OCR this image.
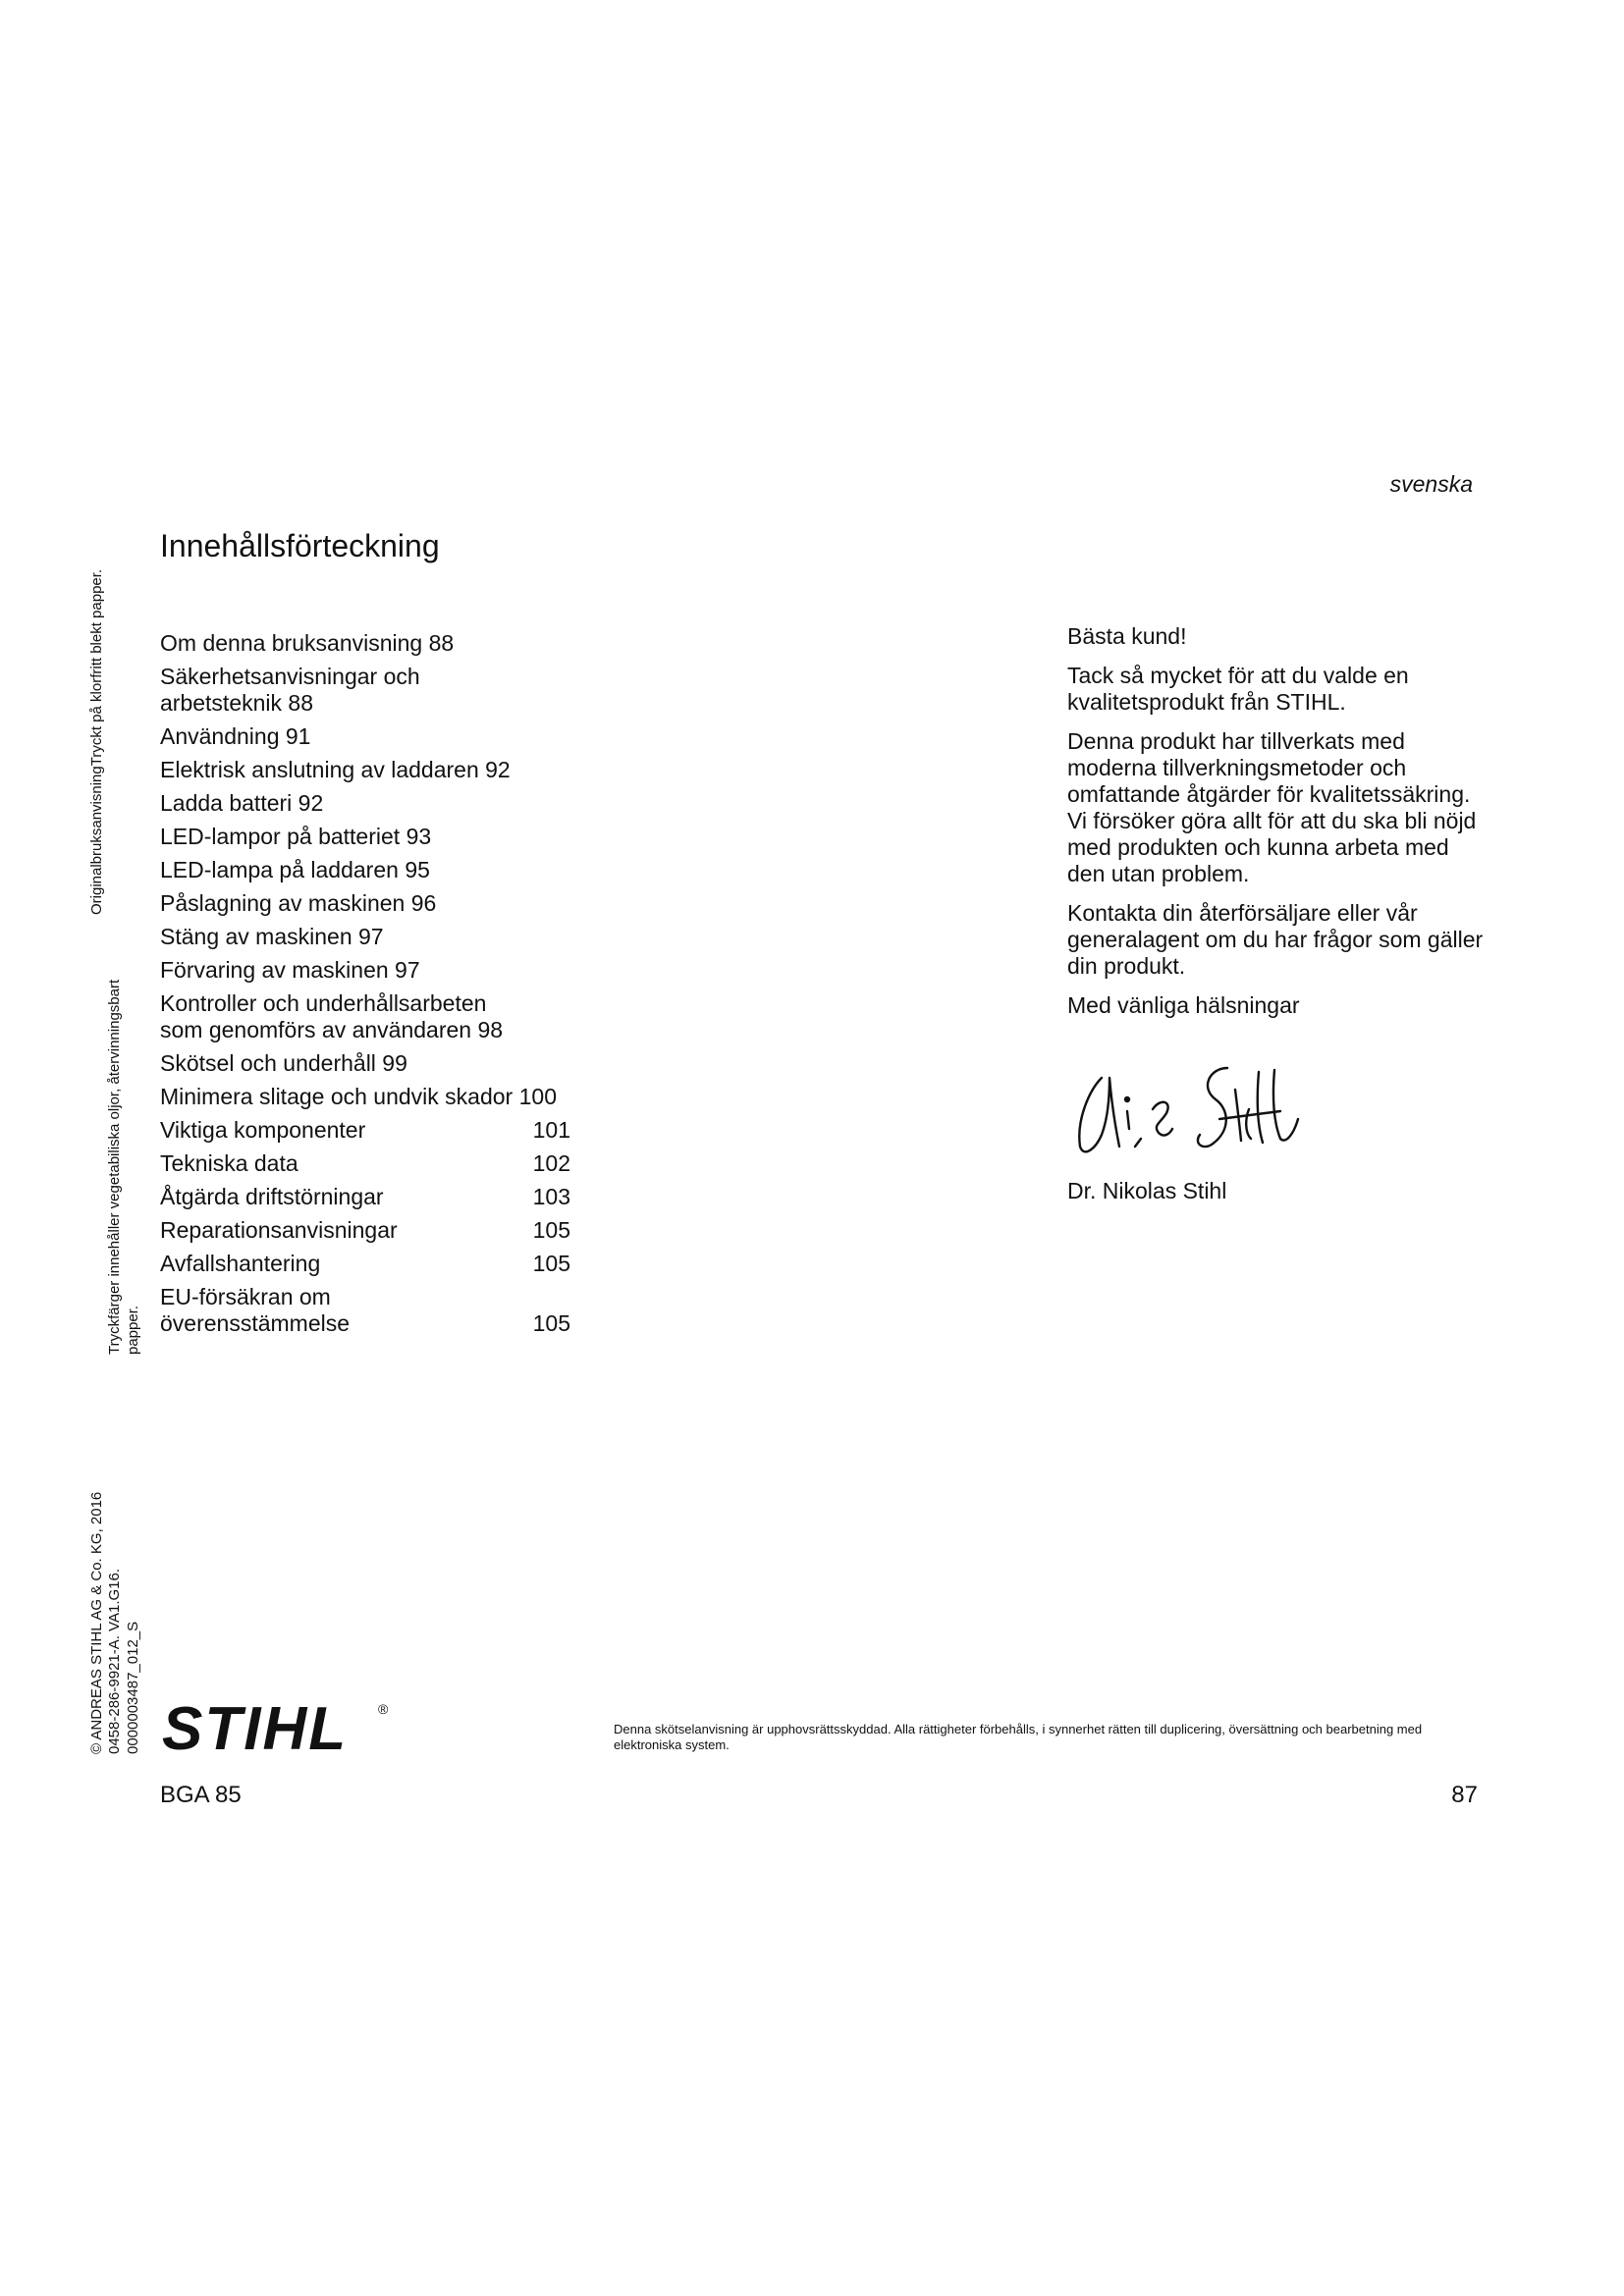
svenska
Innehållsförteckning
Om denna bruksanvisning 88
Säkerhetsanvisningar och arbetsteknik 88
Användning 91
Elektrisk anslutning av laddaren 92
Ladda batteri 92
LED-lampor på batteriet 93
LED-lampa på laddaren 95
Påslagning av maskinen 96
Stäng av maskinen 97
Förvaring av maskinen 97
Kontroller och underhållsarbeten som genomförs av användaren 98
Skötsel och underhåll 99
Minimera slitage och undvik skador 100
Viktiga komponenter	101
Tekniska data	102
Åtgärda driftstörningar	103
Reparationsanvisningar	105
Avfallshantering	105
EU-försäkran om överensstämmelse	105

Bästa kund!

Tack så mycket för att du valde en kvalitetsprodukt från STIHL.

Denna produkt har tillverkats med moderna tillverkningsmetoder och omfattande åtgärder för kvalitetssäkring. Vi försöker göra allt för att du ska bli nöjd med produkten och kunna arbeta med den utan problem.

Kontakta din återförsäljare eller vår generalagent om du har frågor som gäller din produkt.

Med vänliga hälsningar

Nikolas Stihl
Dr. Nikolas Stihl
OriginalbruksanvisningTryckt på klorfritt blekt papper.
Tryckfärger innehåller vegetabiliska oljor, återvinningsbart papper.
© ANDREAS STIHL AG & Co. KG, 2016 0458-286-9921-A. VA1.G16. 0000003487_012_S STIHL ®
Denna skötselanvisning är upphovsrättsskyddad. Alla rättigheter förbehålls, i synnerhet rätten till duplicering, översättning och bearbetning med elektroniska system.
BGA 85	87
